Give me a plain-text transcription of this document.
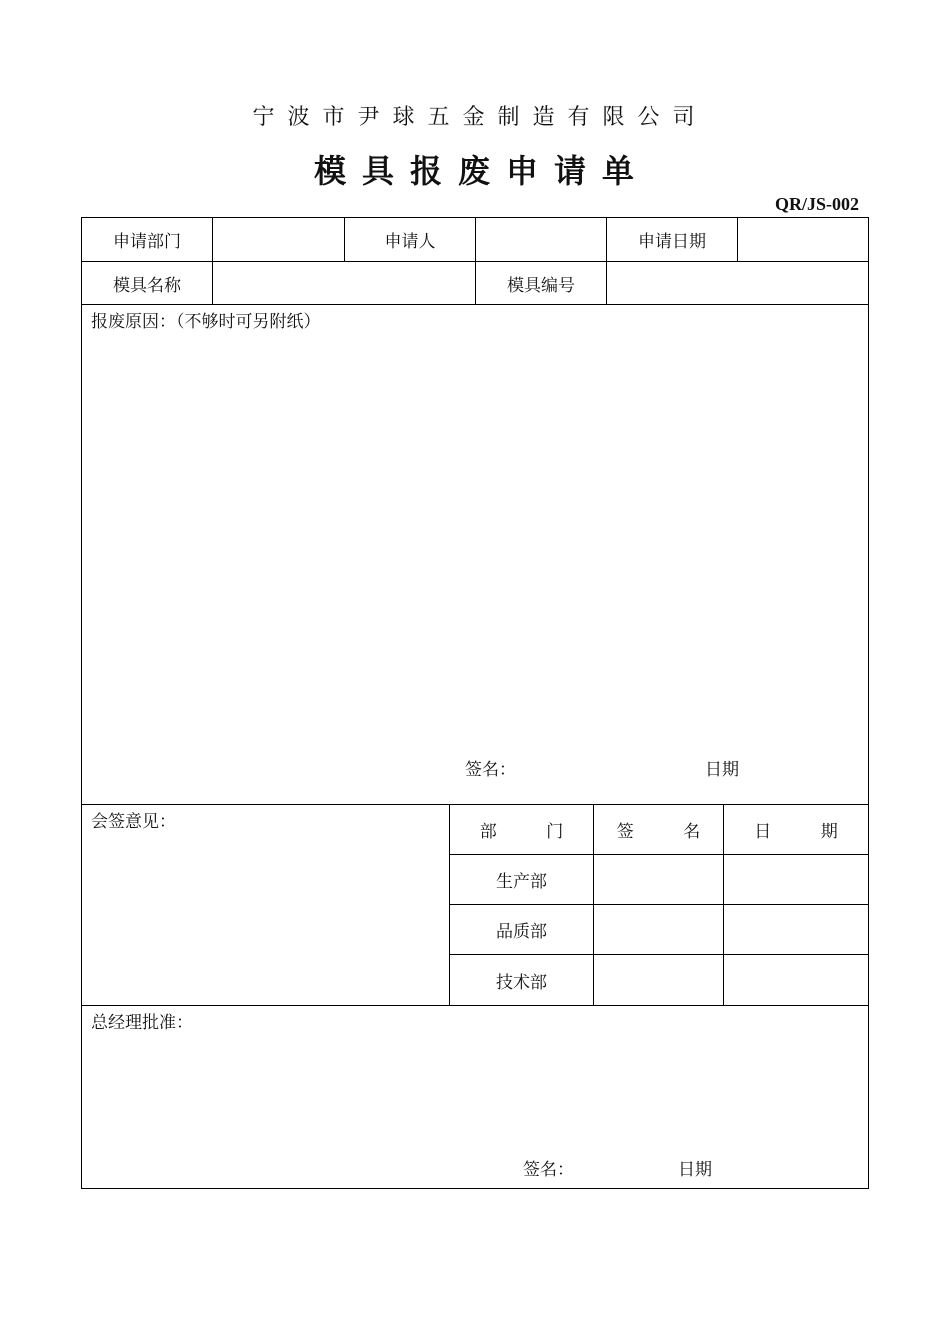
宁波市尹球五金制造有限公司
模具报废申请单
QR/JS-002
申请部门	申请人	申请日期
模具名称	模具编号
报废原因：（不够时可另附纸）
签名：	日期
会签意见：	部 门	签 名	日 期
生产部
品质部
技术部
总经理批准：
签名：	日期
